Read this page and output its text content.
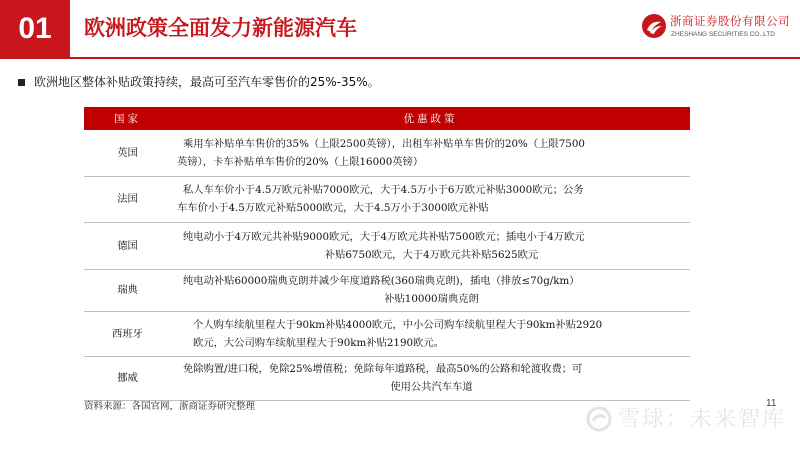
01	欧洲政策全面发力新能源汽车	浙商证券股份有限公司
ZHESHANG SECURITIES CO.,LTD
欧洲地区整体补贴政策持续，最高可至汽车零售价的25%-35%。
国家	优惠政策
英国	乘用车补贴单车售价的35%（上限2500英镑），出租车补贴单车售价的20%（上限7500
英镑），卡车补贴单车售价的20%（上限16000英镑）

法国	私人车车价小于4.5万欧元补贴7000欧元，大于4.5万小于6万欧元补贴3000欧元；公务
车车价小于4.5万欧元补贴5000欧元，大于4.5万小于3000欧元补贴

德国	纯电动小于4万欧元共补贴9000欧元，大于4万欧元共补贴7500欧元；插电小于4万欧元
补贴6750欧元，大于4万欧元共补贴5625欧元

瑞典	纯电动补贴60000瑞典克朗并减少年度道路税(360瑞典克朗)，插电（排放≤70g/km）
补贴10000瑞典克朗

西班牙	个人购车续航里程大于90km补贴4000欧元，中小公司购车续航里程大于90km补贴2920
欧元，大公司购车续航里程大于90km补贴2190欧元。

挪威	免除购置/进口税，免除25%增值税；免除每年道路税，最高50%的公路和轮渡收费；可
使用公共汽车车道
资料来源：各国官网，浙商证券研究整理	11
雪球：未来智库
